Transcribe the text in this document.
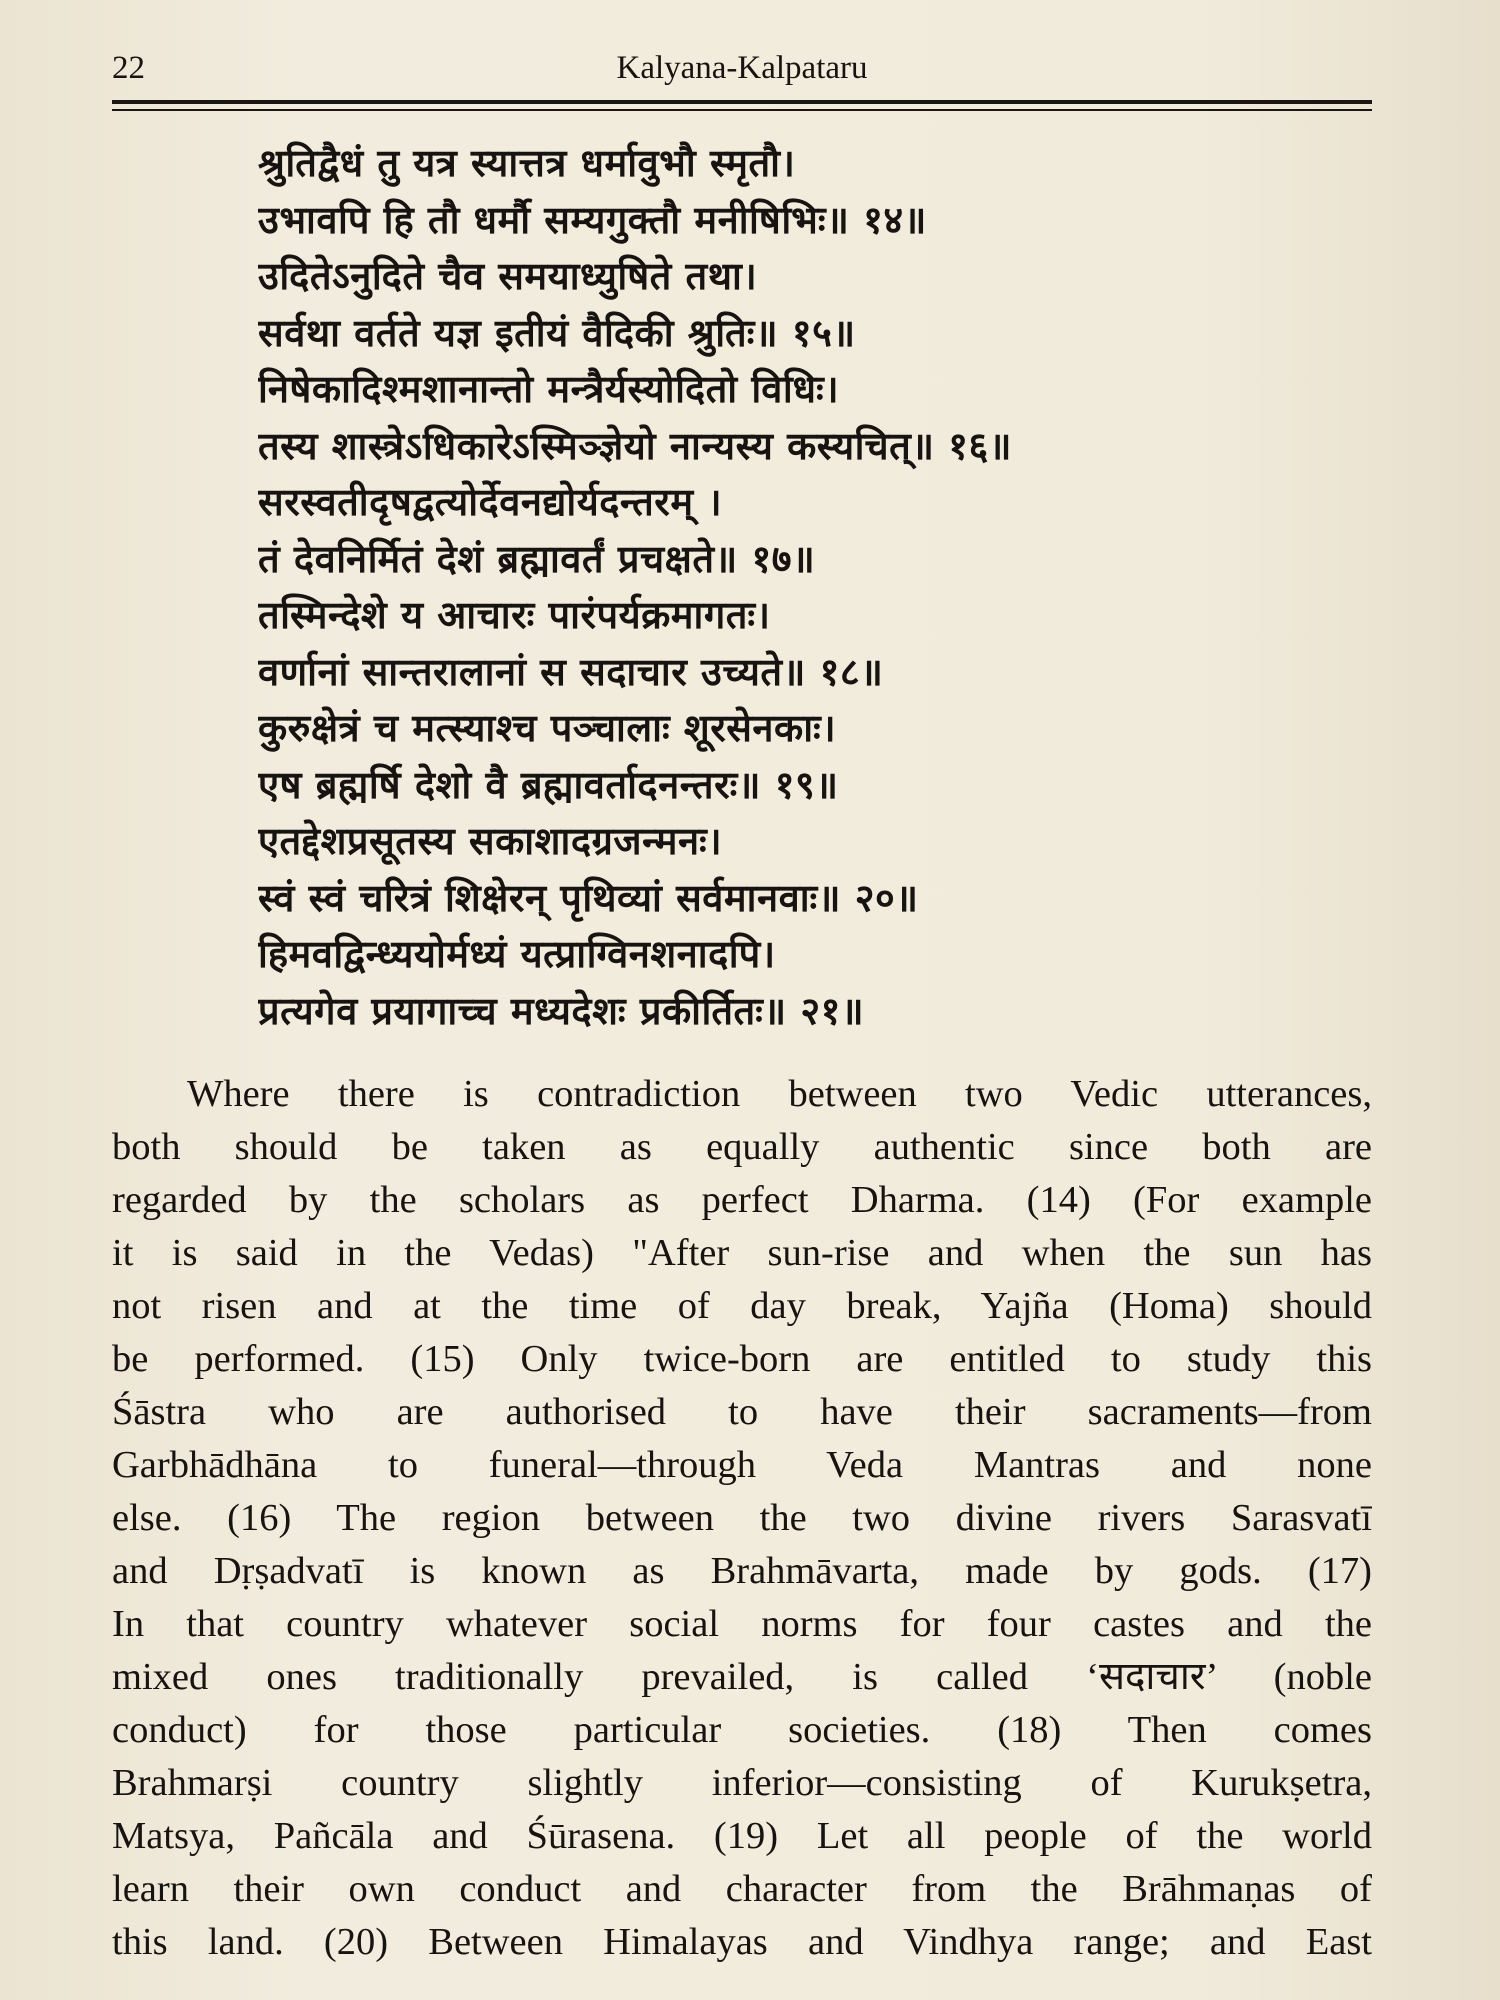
22	Kalyana-Kalpataru
श्रुतिद्वैधं तु यत्र स्यात्तत्र धर्मावुभौ स्मृतौ।
उभावपि हि तौ धर्मौ सम्यगुक्तौ मनीषिभिः॥ १४॥
उदितेऽनुदिते चैव समयाध्युषिते तथा।
सर्वथा वर्तते यज्ञ इतीयं वैदिकी श्रुतिः॥ १५॥
निषेकादिश्मशानान्तो मन्त्रैर्यस्योदितो विधिः।
तस्य शास्त्रेऽधिकारेऽस्मिञ्ज्ञेयो नान्यस्य कस्यचित्॥ १६॥
सरस्वतीदृषद्वत्योर्देवनद्योर्यदन्तरम् ।
तं देवनिर्मितं देशं ब्रह्मावर्तं प्रचक्षते॥ १७॥
तस्मिन्देशे य आचारः पारंपर्यक्रमागतः।
वर्णानां सान्तरालानां स सदाचार उच्यते॥ १८॥
कुरुक्षेत्रं च मत्स्याश्च पञ्चालाः शूरसेनकाः।
एष ब्रह्मर्षि देशो वै ब्रह्मावर्तादनन्तरः॥ १९॥
एतद्देशप्रसूतस्य सकाशादग्रजन्मनः।
स्वं स्वं चरित्रं शिक्षेरन् पृथिव्यां सर्वमानवाः॥ २०॥
हिमवद्विन्ध्ययोर्मध्यं यत्प्राग्विनशनादपि।
प्रत्यगेव प्रयागाच्च मध्यदेशः प्रकीर्तितः॥ २१॥
Where there is contradiction between two Vedic utterances,
both should be taken as equally authentic since both are
regarded by the scholars as perfect Dharma. (14) (For example
it is said in the Vedas) "After sun-rise and when the sun has
not risen and at the time of day break, Yajña (Homa) should
be performed. (15) Only twice-born are entitled to study this
Śāstra who are authorised to have their sacraments—from
Garbhādhāna to funeral—through Veda Mantras and none
else. (16) The region between the two divine rivers Sarasvatī
and Dṛṣadvatī is known as Brahmāvarta, made by gods. (17)
In that country whatever social norms for four castes and the
mixed ones traditionally prevailed, is called ‘सदाचार’ (noble
conduct) for those particular societies. (18) Then comes
Brahmarṣi country slightly inferior—consisting of Kurukṣetra,
Matsya, Pañcāla and Śūrasena. (19) Let all people of the world
learn their own conduct and character from the Brāhmaṇas of
this land. (20) Between Himalayas and Vindhya range; and East
